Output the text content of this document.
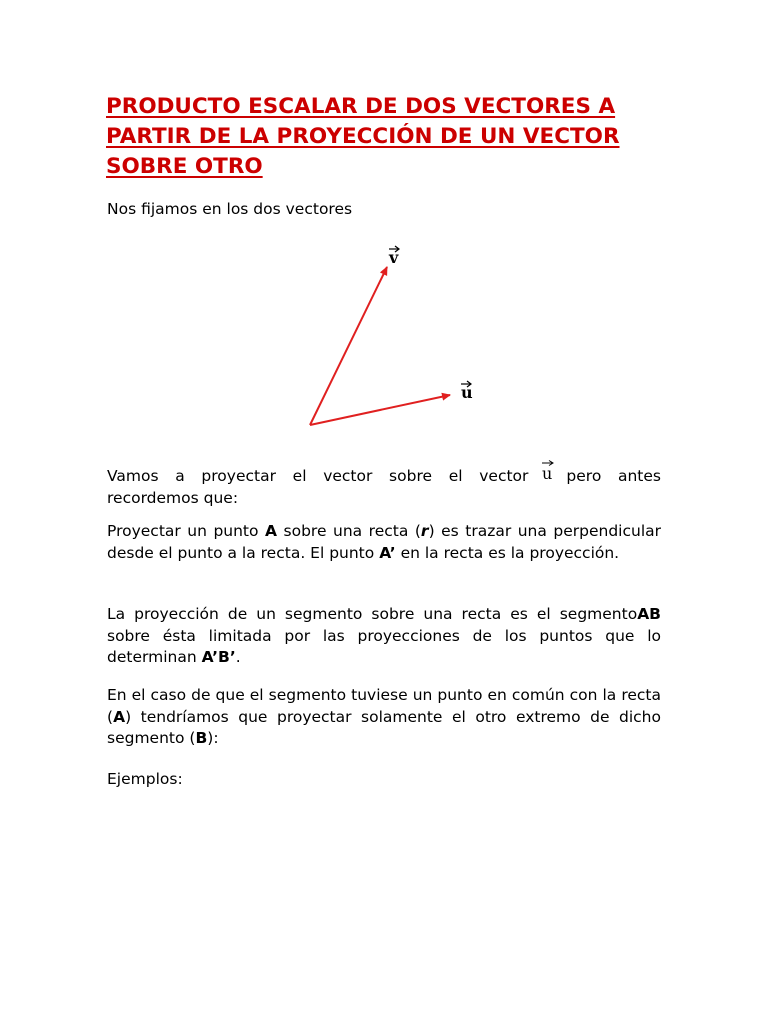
PRODUCTO ESCALAR DE DOS VECTORES A
PARTIR DE LA PROYECCIÓN DE UN VECTOR
SOBRE OTRO

Nos fijamos en los dos vectores

v
u

Vamos a proyectar el vector sobre el vector u pero antes recordemos que:

Proyectar un punto A sobre una recta (r) es trazar una perpendicular desde el punto a la recta. El punto A’ en la recta es la proyección.

La proyección de un segmento sobre una recta es el segmentoAB sobre ésta limitada por las proyecciones de los puntos que lo determinan A’B’.

En el caso de que el segmento tuviese un punto en común con la recta (A) tendríamos que proyectar solamente el otro extremo de dicho segmento (B):

Ejemplos:
